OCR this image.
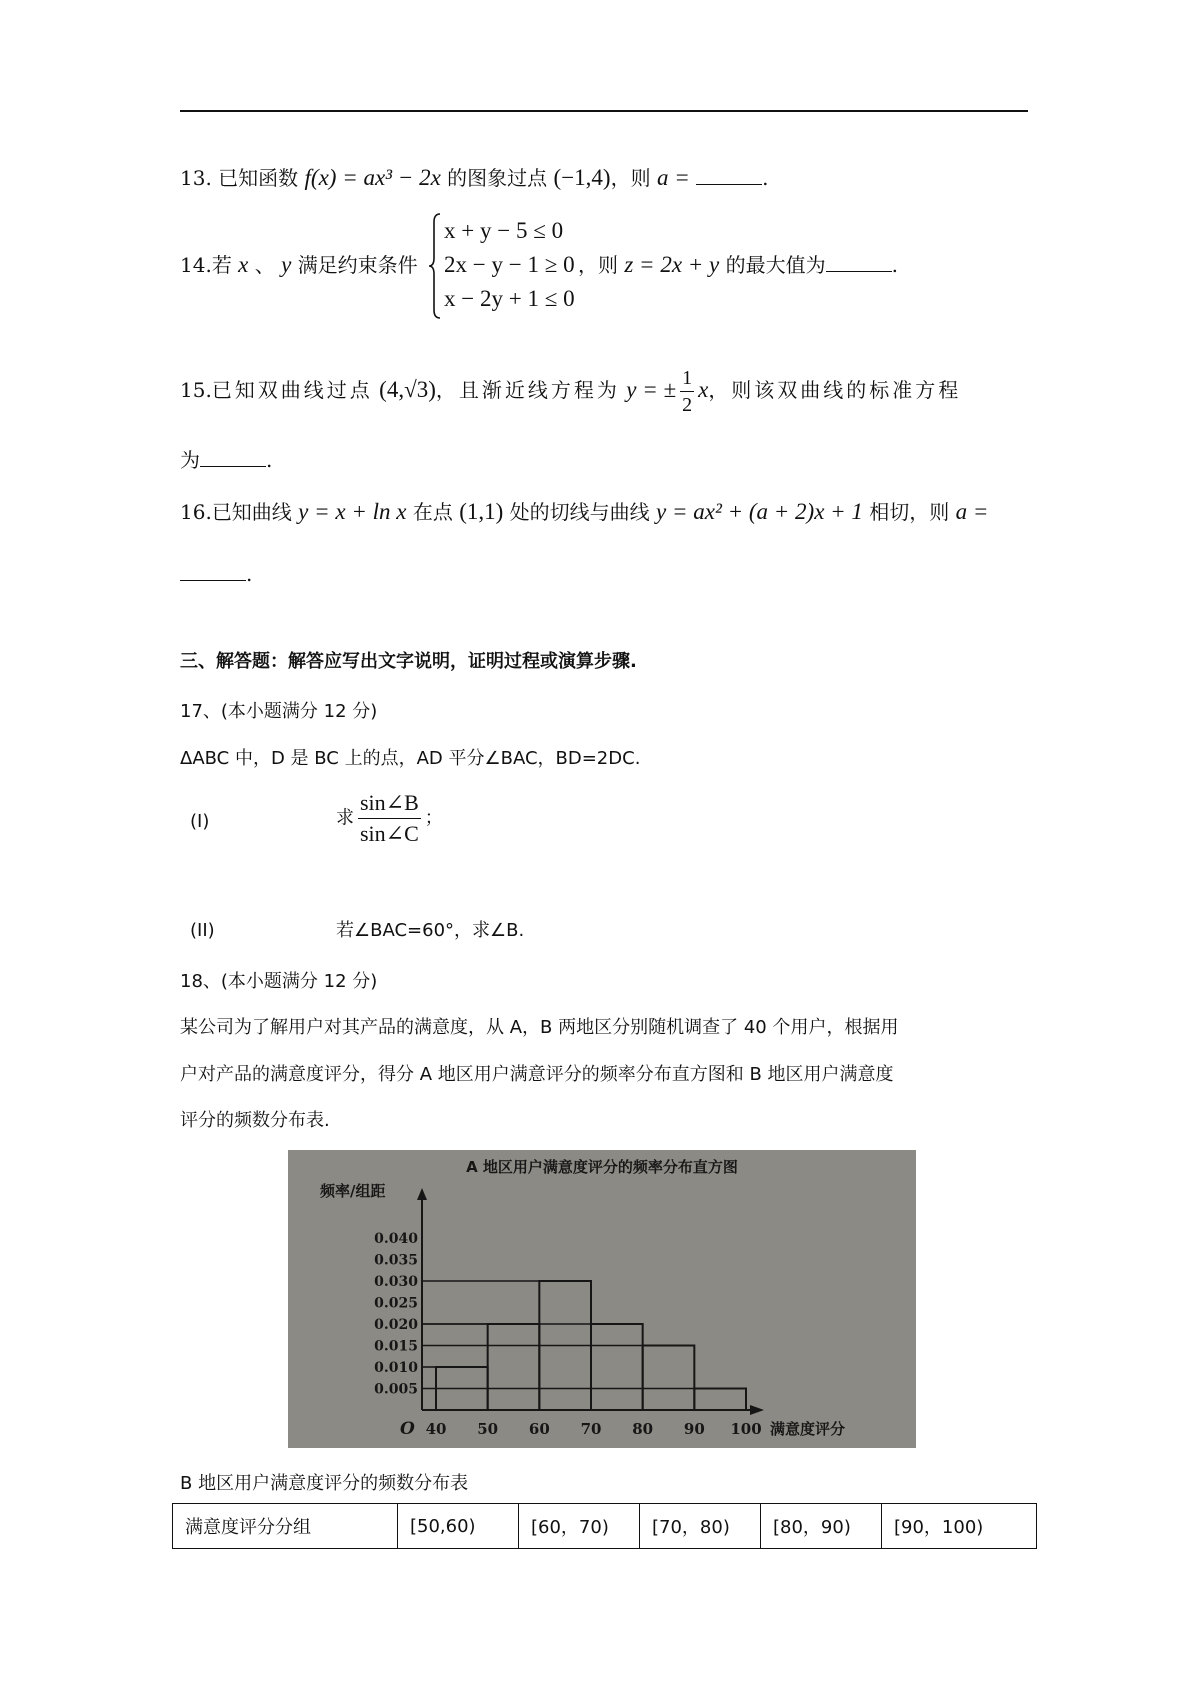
13. 已知函数 f(x) = ax³ − 2x 的图象过点 (−1,4)，则 a =	.
14.若 x 、 y 满足约束条件
x + y − 5 ≤ 0
2x − y − 1 ≥ 0
x − 2y + 1 ≤ 0
，则 z = 2x + y 的最大值为	.
15.已知双曲线过点 (4,√3)，且渐近线方程为 y = ± $\frac{1}{2}$ x，则该双曲线的标准方程
为	.
16.已知曲线 y = x + ln x 在点 (1,1) 处的切线与曲线 y = ax² + (a + 2)x + 1 相切，则 a =
.
三、解答题：解答应写出文字说明，证明过程或演算步骤.
17、(本小题满分 12 分)
ΔABC 中，D 是 BC 上的点，AD 平分∠BAC，BD=2DC.
(I)	求 $\frac{\sin\angle B}{\sin\angle C}$ ；
(II)	若∠BAC=60°，求∠B.
18、(本小题满分 12 分)
某公司为了解用户对其产品的满意度，从 A，B 两地区分别随机调查了 40 个用户，根据用
户对产品的满意度评分，得分 A 地区用户满意评分的频率分布直方图和 B 地区用户满意度
评分的频数分布表.
A 地区用户满意度评分的频率分布直方图
频率/组距
O	满意度评分
0.005
0.010
0.015
0.020
0.025
0.030
0.035
0.040
40 50 60 70 80 90 100
B 地区用户满意度评分的频数分布表
满意度评分分组	[50,60)	[60，70)	[70，80)	[80，90)	[90，100)
